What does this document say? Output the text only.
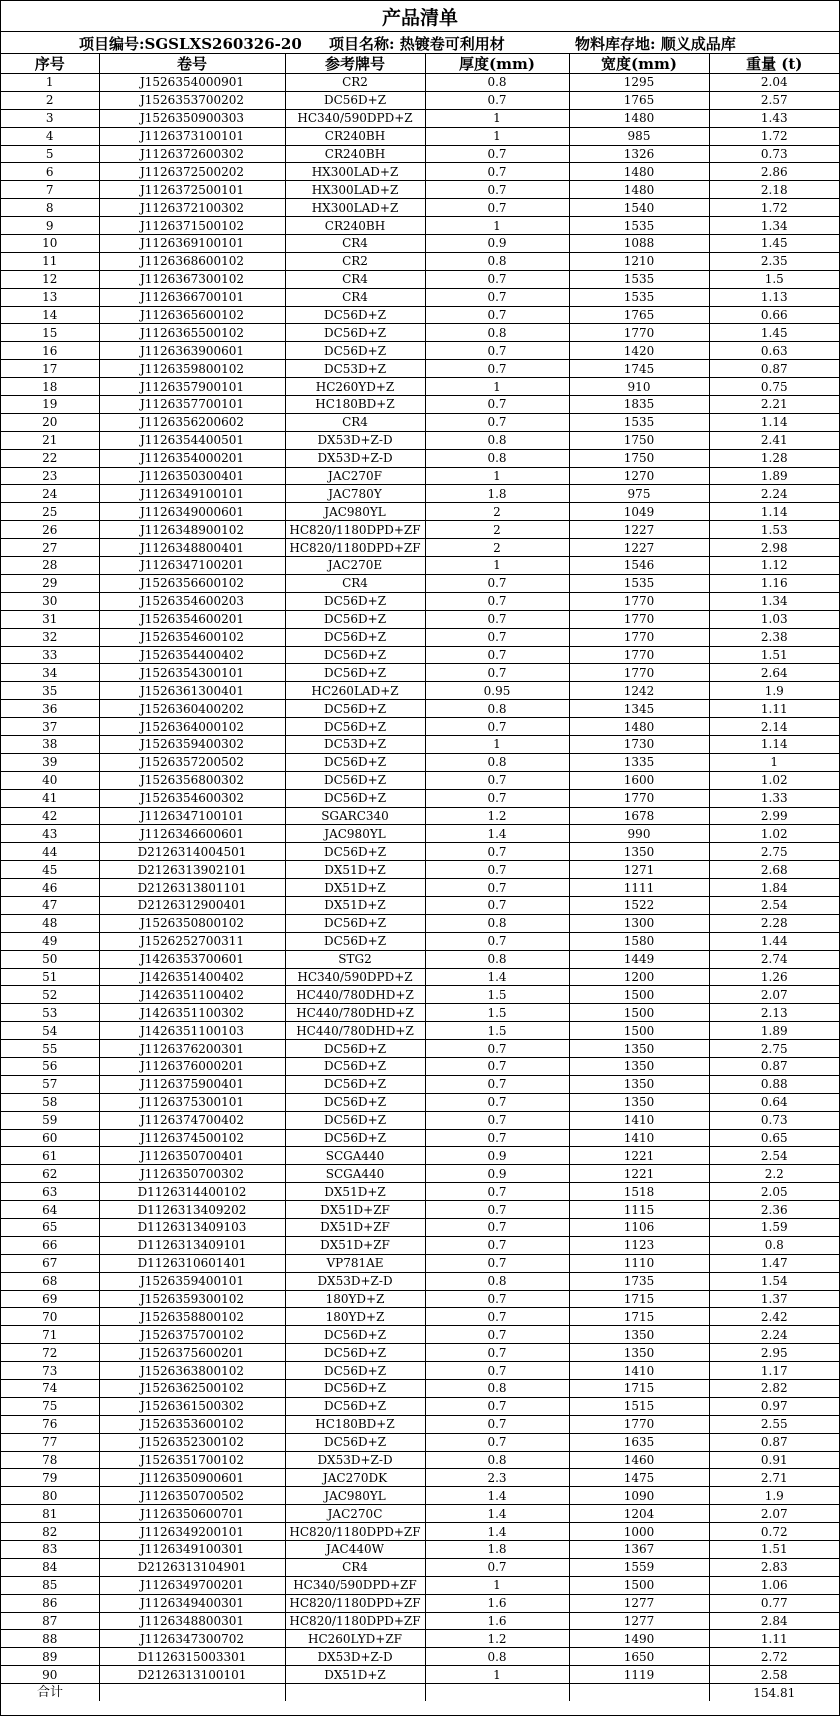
产品清单
项目编号:SGSLXS260326-20 项目名称: 热镀卷可利用材	物料库存地: 顺义成品库
序号	卷号	参考牌号	厚度(mm)	宽度(mm)	重量 (t)
1	J1526354000901	CR2	0.8	1295	2.04
2	J1526353700202	DC56D+Z	0.7	1765	2.57
3	J1526350900303	HC340/590DPD+Z	1	1480	1.43
4	J1126373100101	CR240BH	1	985	1.72
5	J1126372600302	CR240BH	0.7	1326	0.73
6	J1126372500202	HX300LAD+Z	0.7	1480	2.86
7	J1126372500101	HX300LAD+Z	0.7	1480	2.18
8	J1126372100302	HX300LAD+Z	0.7	1540	1.72
9	J1126371500102	CR240BH	1	1535	1.34
10	J1126369100101	CR4	0.9	1088	1.45
11	J1126368600102	CR2	0.8	1210	2.35
12	J1126367300102	CR4	0.7	1535	1.5
13	J1126366700101	CR4	0.7	1535	1.13
14	J1126365600102	DC56D+Z	0.7	1765	0.66
15	J1126365500102	DC56D+Z	0.8	1770	1.45
16	J1126363900601	DC56D+Z	0.7	1420	0.63
17	J1126359800102	DC53D+Z	0.7	1745	0.87
18	J1126357900101	HC260YD+Z	1	910	0.75
19	J1126357700101	HC180BD+Z	0.7	1835	2.21
20	J1126356200602	CR4	0.7	1535	1.14
21	J1126354400501	DX53D+Z-D	0.8	1750	2.41
22	J1126354000201	DX53D+Z-D	0.8	1750	1.28
23	J1126350300401	JAC270F	1	1270	1.89
24	J1126349100101	JAC780Y	1.8	975	2.24
25	J1126349000601	JAC980YL	2	1049	1.14
26	J1126348900102	HC820/1180DPD+ZF	2	1227	1.53
27	J1126348800401	HC820/1180DPD+ZF	2	1227	2.98
28	J1126347100201	JAC270E	1	1546	1.12
29	J1526356600102	CR4	0.7	1535	1.16
30	J1526354600203	DC56D+Z	0.7	1770	1.34
31	J1526354600201	DC56D+Z	0.7	1770	1.03
32	J1526354600102	DC56D+Z	0.7	1770	2.38
33	J1526354400402	DC56D+Z	0.7	1770	1.51
34	J1526354300101	DC56D+Z	0.7	1770	2.64
35	J1526361300401	HC260LAD+Z	0.95	1242	1.9
36	J1526360400202	DC56D+Z	0.8	1345	1.11
37	J1526364000102	DC56D+Z	0.7	1480	2.14
38	J1526359400302	DC53D+Z	1	1730	1.14
39	J1526357200502	DC56D+Z	0.8	1335	1
40	J1526356800302	DC56D+Z	0.7	1600	1.02
41	J1526354600302	DC56D+Z	0.7	1770	1.33
42	J1126347100101	SGARC340	1.2	1678	2.99
43	J1126346600601	JAC980YL	1.4	990	1.02
44	D2126314004501	DC56D+Z	0.7	1350	2.75
45	D2126313902101	DX51D+Z	0.7	1271	2.68
46	D2126313801101	DX51D+Z	0.7	1111	1.84
47	D2126312900401	DX51D+Z	0.7	1522	2.54
48	J1526350800102	DC56D+Z	0.8	1300	2.28
49	J1526252700311	DC56D+Z	0.7	1580	1.44
50	J1426353700601	STG2	0.8	1449	2.74
51	J1426351400402	HC340/590DPD+Z	1.4	1200	1.26
52	J1426351100402	HC440/780DHD+Z	1.5	1500	2.07
53	J1426351100302	HC440/780DHD+Z	1.5	1500	2.13
54	J1426351100103	HC440/780DHD+Z	1.5	1500	1.89
55	J1126376200301	DC56D+Z	0.7	1350	2.75
56	J1126376000201	DC56D+Z	0.7	1350	0.87
57	J1126375900401	DC56D+Z	0.7	1350	0.88
58	J1126375300101	DC56D+Z	0.7	1350	0.64
59	J1126374700402	DC56D+Z	0.7	1410	0.73
60	J1126374500102	DC56D+Z	0.7	1410	0.65
61	J1126350700401	SCGA440	0.9	1221	2.54
62	J1126350700302	SCGA440	0.9	1221	2.2
63	D1126314400102	DX51D+Z	0.7	1518	2.05
64	D1126313409202	DX51D+ZF	0.7	1115	2.36
65	D1126313409103	DX51D+ZF	0.7	1106	1.59
66	D1126313409101	DX51D+ZF	0.7	1123	0.8
67	D1126310601401	VP781AE	0.7	1110	1.47
68	J1526359400101	DX53D+Z-D	0.8	1735	1.54
69	J1526359300102	180YD+Z	0.7	1715	1.37
70	J1526358800102	180YD+Z	0.7	1715	2.42
71	J1526375700102	DC56D+Z	0.7	1350	2.24
72	J1526375600201	DC56D+Z	0.7	1350	2.95
73	J1526363800102	DC56D+Z	0.7	1410	1.17
74	J1526362500102	DC56D+Z	0.8	1715	2.82
75	J1526361500302	DC56D+Z	0.7	1515	0.97
76	J1526353600102	HC180BD+Z	0.7	1770	2.55
77	J1526352300102	DC56D+Z	0.7	1635	0.87
78	J1526351700102	DX53D+Z-D	0.8	1460	0.91
79	J1126350900601	JAC270DK	2.3	1475	2.71
80	J1126350700502	JAC980YL	1.4	1090	1.9
81	J1126350600701	JAC270C	1.4	1204	2.07
82	J1126349200101	HC820/1180DPD+ZF	1.4	1000	0.72
83	J1126349100301	JAC440W	1.8	1367	1.51
84	D2126313104901	CR4	0.7	1559	2.83
85	J1126349700201	HC340/590DPD+ZF	1	1500	1.06
86	J1126349400301	HC820/1180DPD+ZF	1.6	1277	0.77
87	J1126348800301	HC820/1180DPD+ZF	1.6	1277	2.84
88	J1126347300702	HC260LYD+ZF	1.2	1490	1.11
89	D1126315003301	DX53D+Z-D	0.8	1650	2.72
90	D2126313100101	DX51D+Z	1	1119	2.58
合计					154.81
